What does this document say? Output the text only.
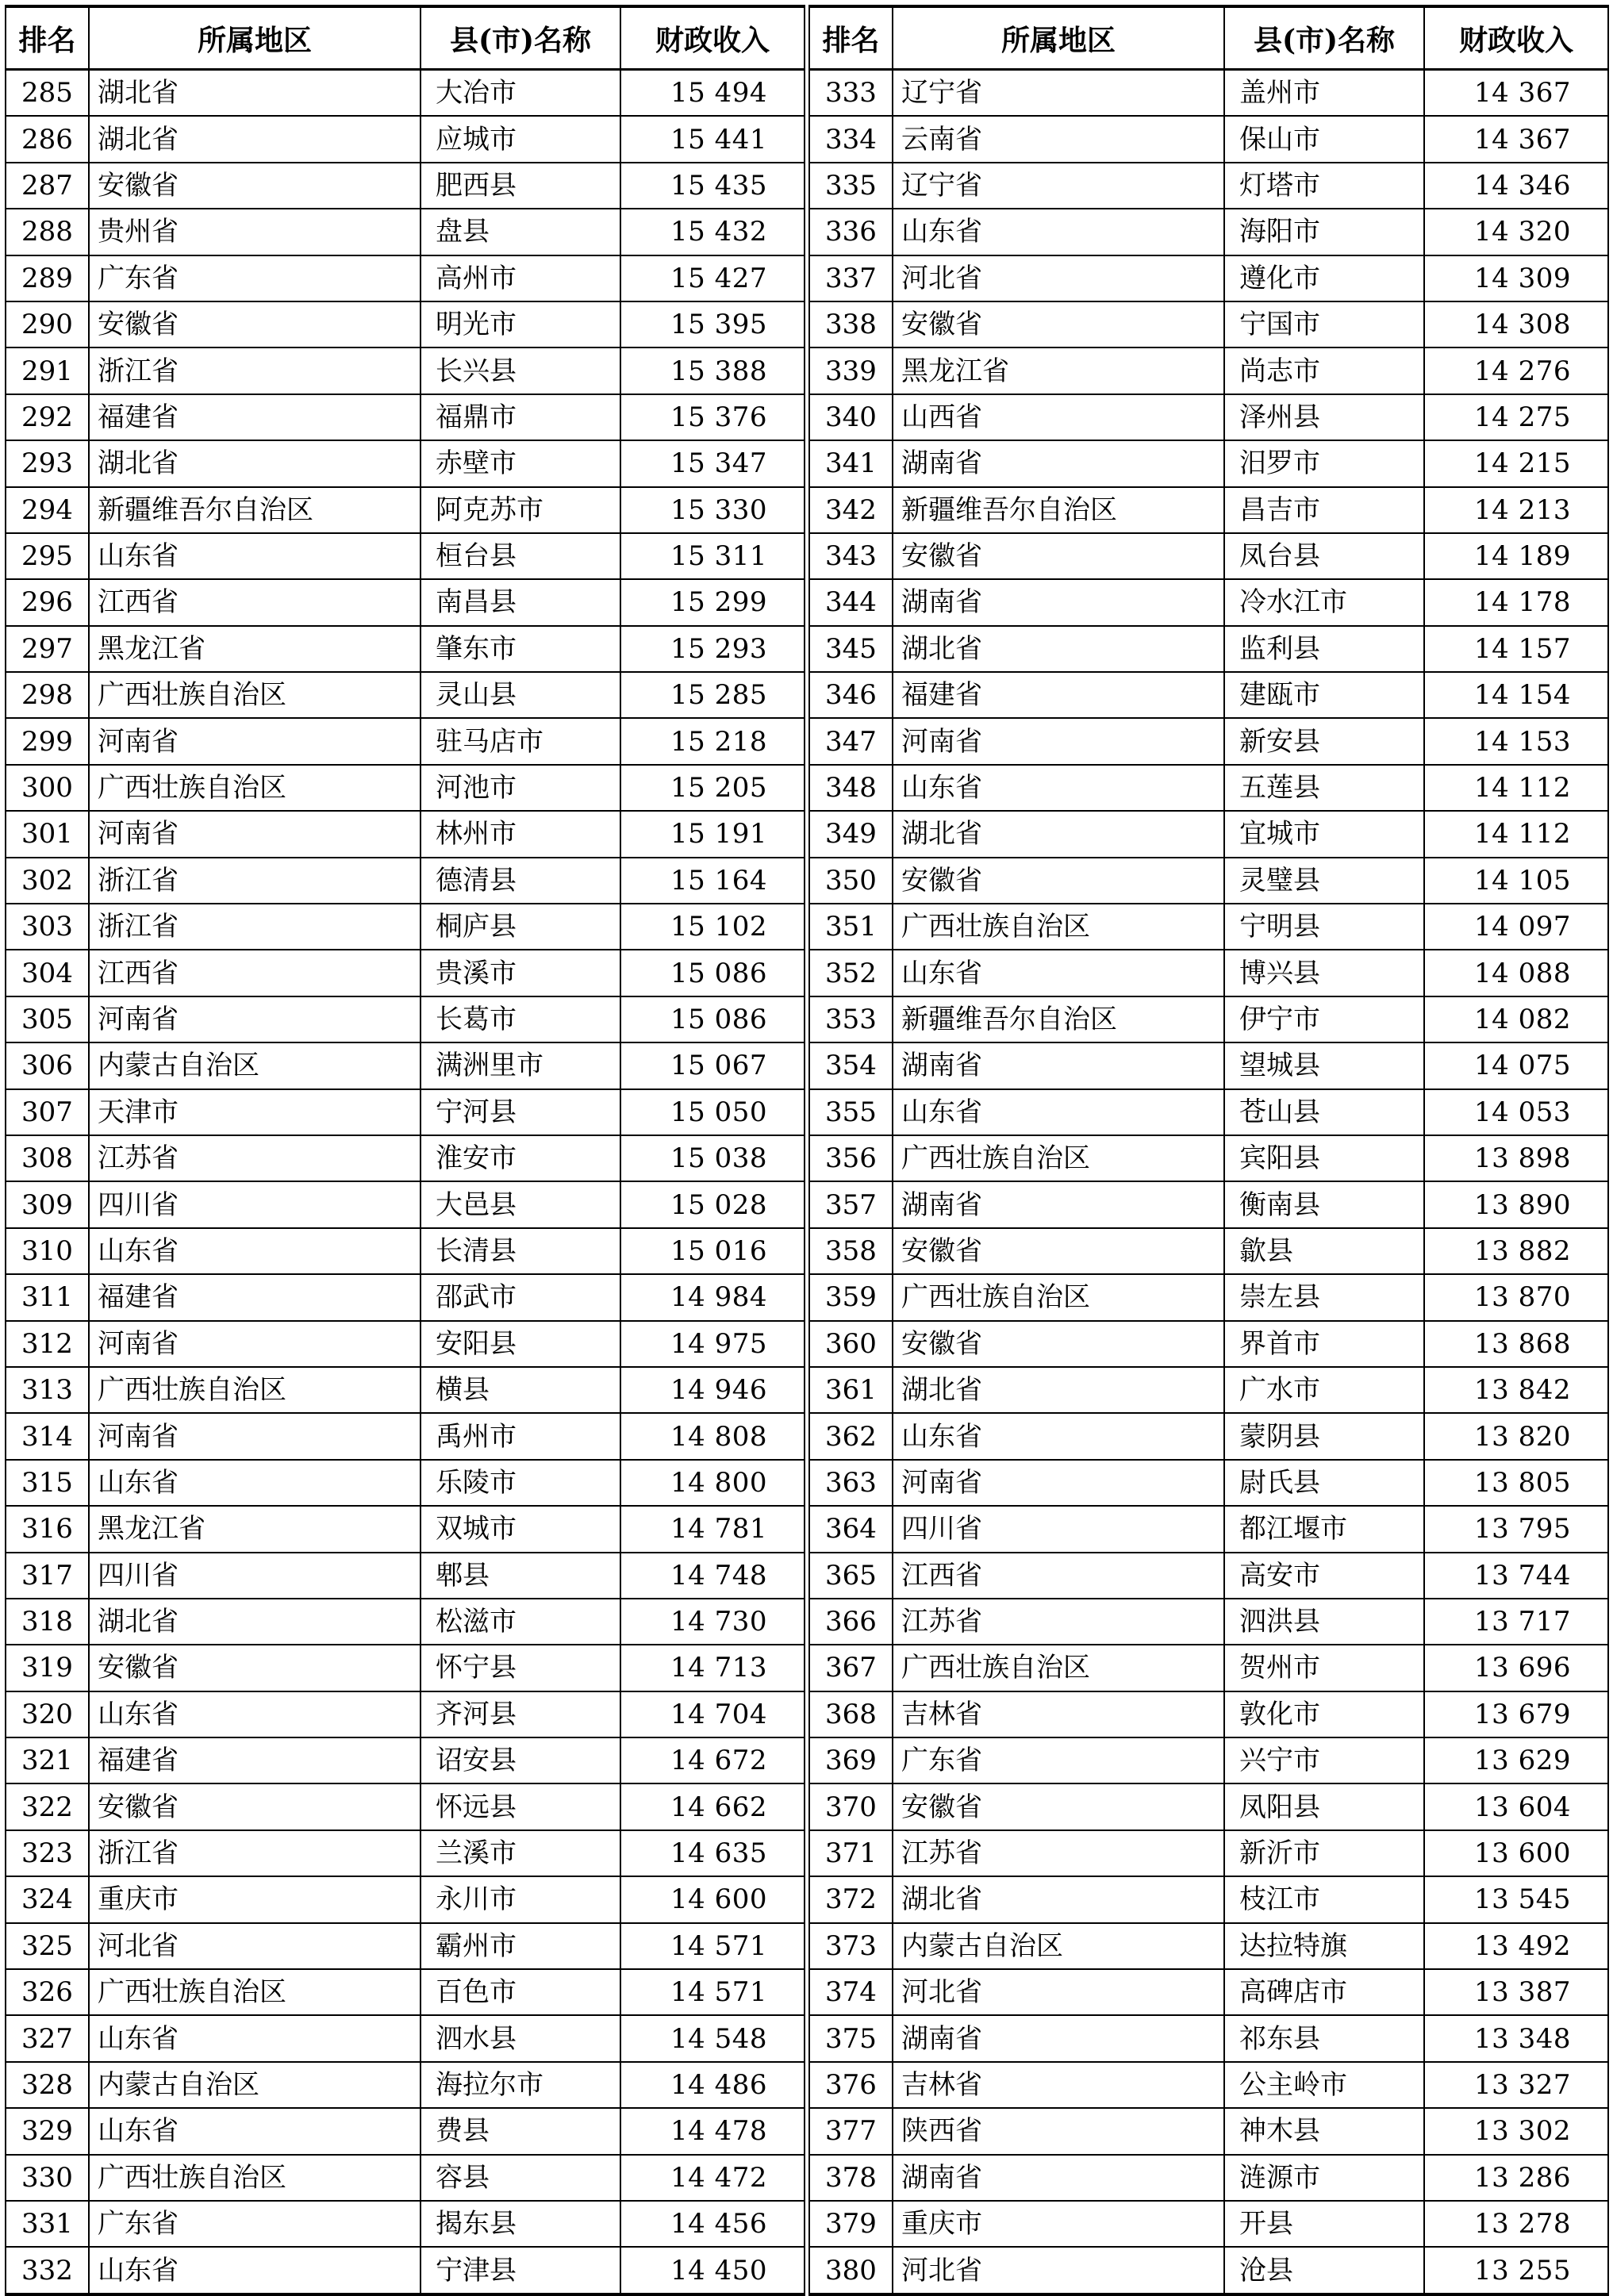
排名	所属地区	县(市)名称	财政收入		排名	所属地区	县(市)名称	财政收入
285	湖北省	大冶市	15 494		333	辽宁省	盖州市	14 367
286	湖北省	应城市	15 441		334	云南省	保山市	14 367
287	安徽省	肥西县	15 435		335	辽宁省	灯塔市	14 346
288	贵州省	盘县	15 432		336	山东省	海阳市	14 320
289	广东省	高州市	15 427		337	河北省	遵化市	14 309
290	安徽省	明光市	15 395		338	安徽省	宁国市	14 308
291	浙江省	长兴县	15 388		339	黑龙江省	尚志市	14 276
292	福建省	福鼎市	15 376		340	山西省	泽州县	14 275
293	湖北省	赤壁市	15 347		341	湖南省	汨罗市	14 215
294	新疆维吾尔自治区	阿克苏市	15 330		342	新疆维吾尔自治区	昌吉市	14 213
295	山东省	桓台县	15 311		343	安徽省	凤台县	14 189
296	江西省	南昌县	15 299		344	湖南省	冷水江市	14 178
297	黑龙江省	肇东市	15 293		345	湖北省	监利县	14 157
298	广西壮族自治区	灵山县	15 285		346	福建省	建瓯市	14 154
299	河南省	驻马店市	15 218		347	河南省	新安县	14 153
300	广西壮族自治区	河池市	15 205		348	山东省	五莲县	14 112
301	河南省	林州市	15 191		349	湖北省	宜城市	14 112
302	浙江省	德清县	15 164		350	安徽省	灵璧县	14 105
303	浙江省	桐庐县	15 102		351	广西壮族自治区	宁明县	14 097
304	江西省	贵溪市	15 086		352	山东省	博兴县	14 088
305	河南省	长葛市	15 086		353	新疆维吾尔自治区	伊宁市	14 082
306	内蒙古自治区	满洲里市	15 067		354	湖南省	望城县	14 075
307	天津市	宁河县	15 050		355	山东省	苍山县	14 053
308	江苏省	淮安市	15 038		356	广西壮族自治区	宾阳县	13 898
309	四川省	大邑县	15 028		357	湖南省	衡南县	13 890
310	山东省	长清县	15 016		358	安徽省	歙县	13 882
311	福建省	邵武市	14 984		359	广西壮族自治区	崇左县	13 870
312	河南省	安阳县	14 975		360	安徽省	界首市	13 868
313	广西壮族自治区	横县	14 946		361	湖北省	广水市	13 842
314	河南省	禹州市	14 808		362	山东省	蒙阴县	13 820
315	山东省	乐陵市	14 800		363	河南省	尉氏县	13 805
316	黑龙江省	双城市	14 781		364	四川省	都江堰市	13 795
317	四川省	郫县	14 748		365	江西省	高安市	13 744
318	湖北省	松滋市	14 730		366	江苏省	泗洪县	13 717
319	安徽省	怀宁县	14 713		367	广西壮族自治区	贺州市	13 696
320	山东省	齐河县	14 704		368	吉林省	敦化市	13 679
321	福建省	诏安县	14 672		369	广东省	兴宁市	13 629
322	安徽省	怀远县	14 662		370	安徽省	凤阳县	13 604
323	浙江省	兰溪市	14 635		371	江苏省	新沂市	13 600
324	重庆市	永川市	14 600		372	湖北省	枝江市	13 545
325	河北省	霸州市	14 571		373	内蒙古自治区	达拉特旗	13 492
326	广西壮族自治区	百色市	14 571		374	河北省	高碑店市	13 387
327	山东省	泗水县	14 548		375	湖南省	祁东县	13 348
328	内蒙古自治区	海拉尔市	14 486		376	吉林省	公主岭市	13 327
329	山东省	费县	14 478		377	陕西省	神木县	13 302
330	广西壮族自治区	容县	14 472		378	湖南省	涟源市	13 286
331	广东省	揭东县	14 456		379	重庆市	开县	13 278
332	山东省	宁津县	14 450		380	河北省	沧县	13 255
